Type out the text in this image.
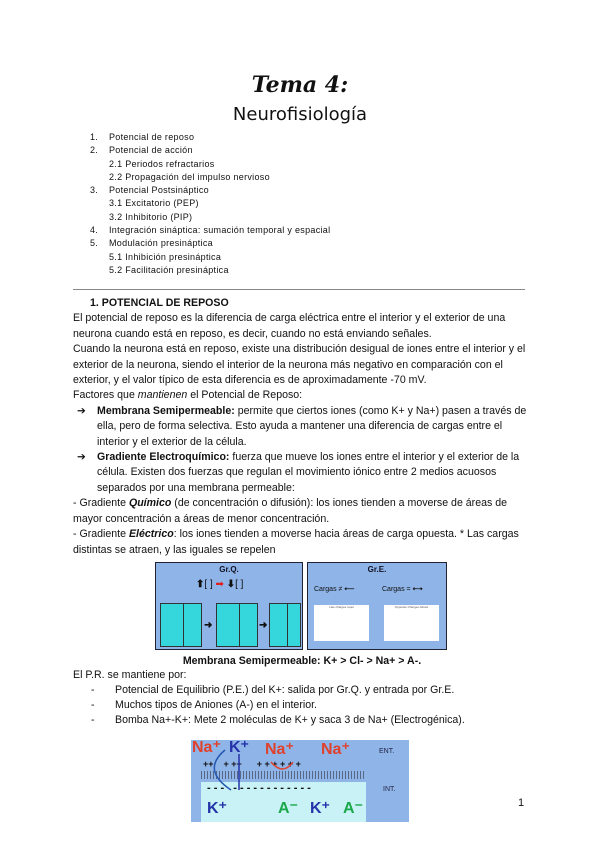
Tema 4:
Neurofisiología
1. Potencial de reposo
2. Potencial de acción
2.1 Periodos refractarios
2.2 Propagación del impulso nervioso
3. Potencial Postsináptico
3.1 Excitatorio (PEP)
3.2 Inhibitorio (PIP)
4. Integración sináptica: sumación temporal y espacial
5. Modulación presináptica
5.1 Inhibición presináptica
5.2 Facilitación presináptica
1. POTENCIAL DE REPOSO
El potencial de reposo es la diferencia de carga eléctrica entre el interior y el exterior de una neurona cuando está en reposo, es decir, cuando no está enviando señales.
Cuando la neurona está en reposo, existe una distribución desigual de iones entre el interior y el exterior de la neurona, siendo el interior de la neurona más negativo en comparación con el exterior, y el valor típico de esta diferencia es de aproximadamente -70 mV.
Factores que mantienen el Potencial de Reposo:
➔	Membrana Semipermeable: permite que ciertos iones (como K+ y Na+) pasen a través de ella, pero de forma selectiva. Esto ayuda a mantener una diferencia de cargas entre el interior y el exterior de la célula.
➔	Gradiente Electroquímico: fuerza que mueve los iones entre el interior y el exterior de la célula. Existen dos fuerzas que regulan el movimiento iónico entre 2 medios acuosos separados por una membrana permeable:
- Gradiente Químico (de concentración o difusión): los iones tienden a moverse de áreas de mayor concentración a áreas de menor concentración.
- Gradiente Eléctrico: los iones tienden a moverse hacia áreas de carga opuesta. * Las cargas distintas se atraen, y las iguales se repelen
Gr.Q.
⬆[ ] ➡ ⬇[ ]
➜	➜
Gr.E.
Cargas ≠ ⟵	Cargas = ⟷
Like charges repel	Opposite Charges Attract
Membrana Semipermeable: K+ > Cl- > Na+ > A-.
El P.R. se mantiene por:
-	Potencial de Equilibrio (P.E.) del K+: salida por Gr.Q. y entrada por Gr.E.
-	Muchos tipos de Aniones (A-) en el interior.
-	Bomba Na+-K+: Mete 2 moléculas de K+ y saca 3 de Na+ (Electrogénica).
Na⁺ K⁺ Na⁺ Na⁺
++    + ++      + + + + + +
- - -   - - - - - - - - - - - -
K⁺	A⁻ K⁺ A⁻
ENT.
INT.
1
